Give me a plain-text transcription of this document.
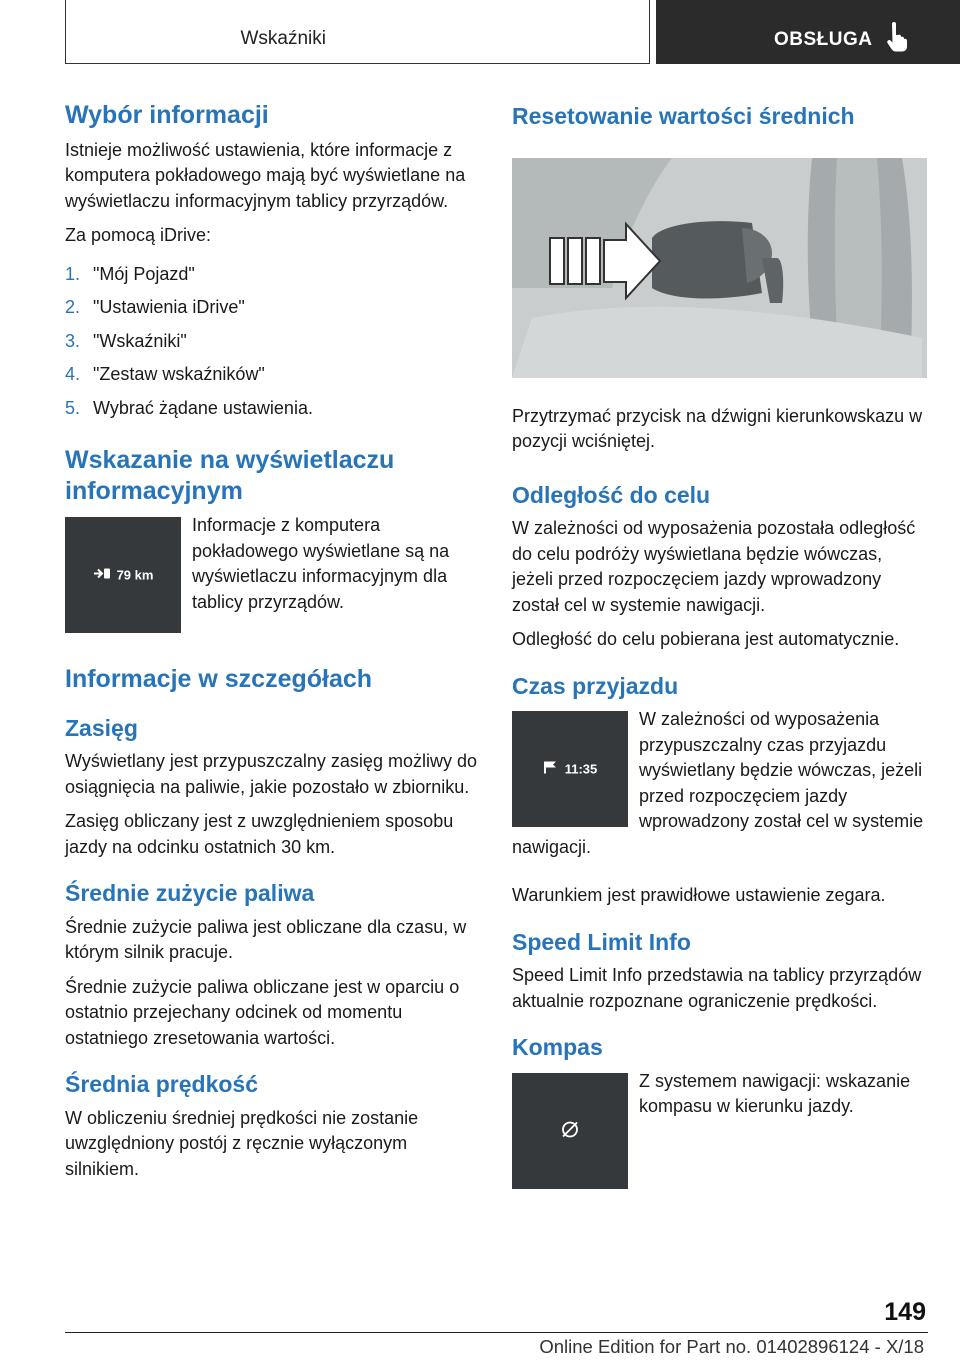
Wskaźniki	OBSŁUGA
Wybór informacji

Istnieje możliwość ustawienia, które informacje z komputera pokładowego mają być wyświetlane na wyświetlaczu informacyjnym tablicy przyrządów.

Za pomocą iDrive:

1. "Mój Pojazd"
2. "Ustawienia iDrive"
3. "Wskaźniki"
4. "Zestaw wskaźników"
5. Wybrać żądane ustawienia.
Wskazanie na wyświetlaczu informacyjnym
79 km

Informacje z komputera pokładowego wyświetlane są na wyświetlaczu informacyjnym dla tablicy przyrządów.

Informacje w szczegółach
Zasięg

Wyświetlany jest przypuszczalny zasięg możliwy do osiągnięcia na paliwie, jakie pozostało w zbiorniku.

Zasięg obliczany jest z uwzględnieniem sposobu jazdy na odcinku ostatnich 30 km.

Średnie zużycie paliwa

Średnie zużycie paliwa jest obliczane dla czasu, w którym silnik pracuje.

Średnie zużycie paliwa obliczane jest w oparciu o ostatnio przejechany odcinek od momentu ostatniego zresetowania wartości.

Średnia prędkość

W obliczeniu średniej prędkości nie zostanie uwzględniony postój z ręcznie wyłączonym silnikiem.

Resetowanie wartości średnich

Przytrzymać przycisk na dźwigni kierunkowskazu w pozycji wciśniętej.

Odległość do celu

W zależności od wyposażenia pozostała odległość do celu podróży wyświetlana będzie wówczas, jeżeli przed rozpoczęciem jazdy wprowadzony został cel w systemie nawigacji.

Odległość do celu pobierana jest automatycznie.

Czas przyjazdu
11:35

W zależności od wyposażenia przypuszczalny czas przyjazdu wyświetlany będzie wówczas, jeżeli przed rozpoczęciem jazdy wprowadzony został cel w systemie nawigacji.

Warunkiem jest prawidłowe ustawienie zegara.

Speed Limit Info

Speed Limit Info przedstawia na tablicy przyrządów aktualnie rozpoznane ograniczenie prędkości.

Kompas

Z systemem nawigacji: wskazanie kompasu w kierunku jazdy.

149
Online Edition for Part no. 01402896124 - X/18
